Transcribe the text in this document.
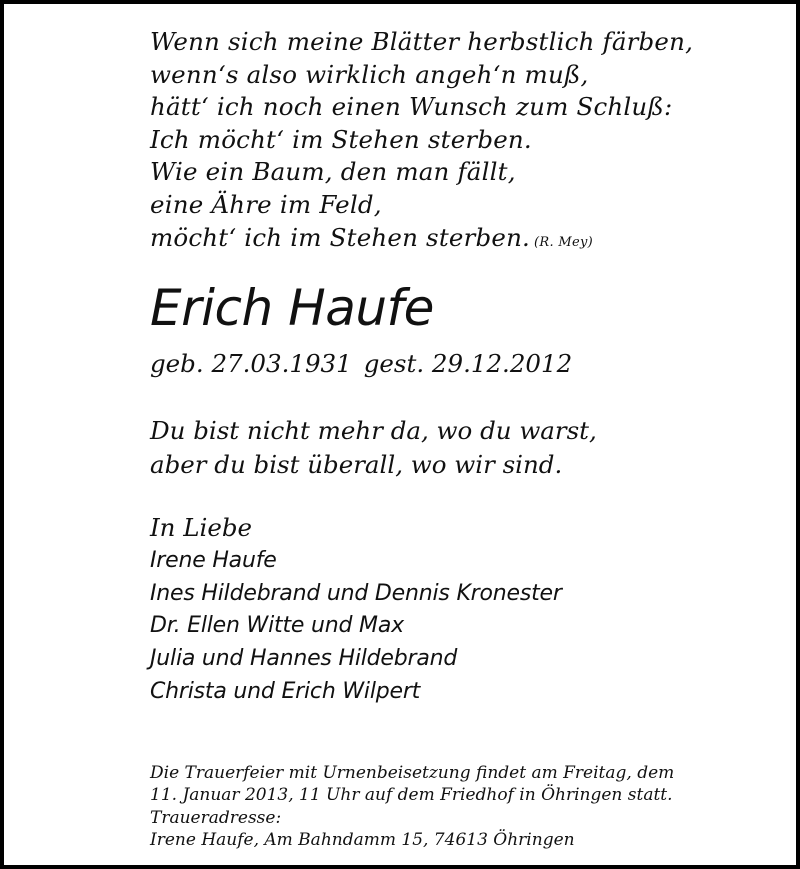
Wenn sich meine Blätter herbstlich färben,
wenn‘s also wirklich angeh‘n muß,
hätt‘ ich noch einen Wunsch zum Schluß:
Ich möcht‘ im Stehen sterben.
Wie ein Baum, den man fällt,
eine Ähre im Feld,
möcht‘ ich im Stehen sterben. (R. Mey)
Erich Haufe
geb. 27.03.1931 gest. 29.12.2012
Du bist nicht mehr da, wo du warst,
aber du bist überall, wo wir sind.
In Liebe
Irene Haufe
Ines Hildebrand und Dennis Kronester
Dr. Ellen Witte und Max
Julia und Hannes Hildebrand
Christa und Erich Wilpert
Die Trauerfeier mit Urnenbeisetzung findet am Freitag, dem
11. Januar 2013, 11 Uhr auf dem Friedhof in Öhringen statt.
Traueradresse:
Irene Haufe, Am Bahndamm 15, 74613 Öhringen
